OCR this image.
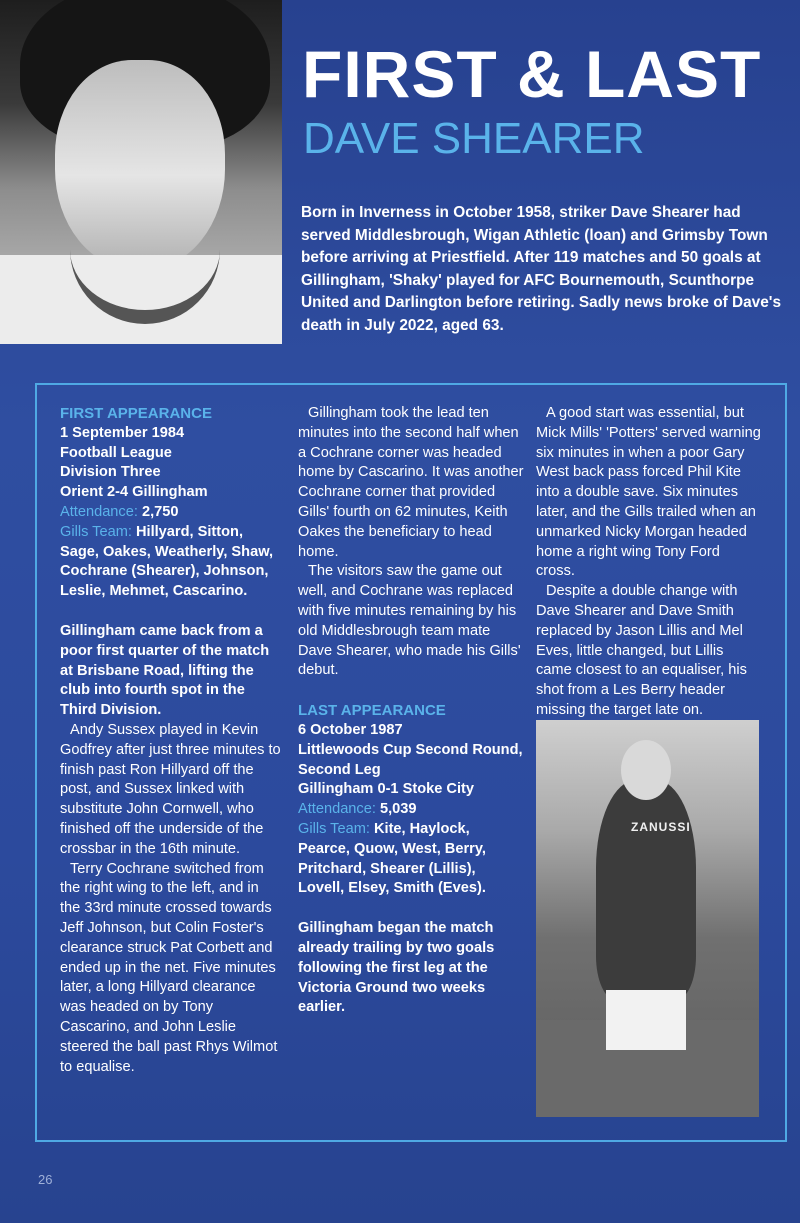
FIRST & LAST
DAVE SHEARER

Born in Inverness in October 1958, striker Dave Shearer had served Middlesbrough, Wigan Athletic (loan) and Grimsby Town before arriving at Priestfield. After 119 matches and 50 goals at Gillingham, 'Shaky' played for AFC Bournemouth, Scunthorpe United and Darlington before retiring. Sadly news broke of Dave's death in July 2022, aged 63.

FIRST APPEARANCE

1 September 1984

Football League

Division Three

Orient 2-4 Gillingham

Attendance: 2,750

Gills Team: Hillyard, Sitton, Sage, Oakes, Weatherly, Shaw, Cochrane (Shearer), Johnson, Leslie, Mehmet, Cascarino.

Gillingham came back from a poor first quarter of the match at Brisbane Road, lifting the club into fourth spot in the Third Division.

Andy Sussex played in Kevin Godfrey after just three minutes to finish past Ron Hillyard off the post, and Sussex linked with substitute John Cornwell, who finished off the underside of the crossbar in the 16th minute.

Terry Cochrane switched from the right wing to the left, and in the 33rd minute crossed towards Jeff Johnson, but Colin Foster's clearance struck Pat Corbett and ended up in the net. Five minutes later, a long Hillyard clearance was headed on by Tony Cascarino, and John Leslie steered the ball past Rhys Wilmot to equalise.

Gillingham took the lead ten minutes into the second half when a Cochrane corner was headed home by Cascarino. It was another Cochrane corner that provided Gills' fourth on 62 minutes, Keith Oakes the beneficiary to head home.

The visitors saw the game out well, and Cochrane was replaced with five minutes remaining by his old Middlesbrough team mate Dave Shearer, who made his Gills' debut.

LAST APPEARANCE

6 October 1987

Littlewoods Cup Second Round, Second Leg

Gillingham 0-1 Stoke City

Attendance: 5,039

Gills Team: Kite, Haylock, Pearce, Quow, West, Berry, Pritchard, Shearer (Lillis), Lovell, Elsey, Smith (Eves).

Gillingham began the match already trailing by two goals following the first leg at the Victoria Ground two weeks earlier.

A good start was essential, but Mick Mills' 'Potters' served warning six minutes in when a poor Gary West back pass forced Phil Kite into a double save. Six minutes later, and the Gills trailed when an unmarked Nicky Morgan headed home a right wing Tony Ford cross.

Despite a double change with Dave Shearer and Dave Smith replaced by Jason Lillis and Mel Eves, little changed, but Lillis came closest to an equaliser, his shot from a Les Berry header missing the target late on.

ZANUSSI
26
